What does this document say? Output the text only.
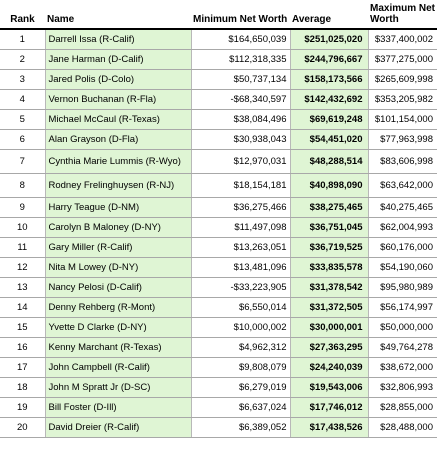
Rank	Name	Minimum Net Worth	Average	Maximum Net Worth
1	Darrell Issa (R-Calif)	$164,650,039	$251,025,020	$337,400,002
2	Jane Harman (D-Calif)	$112,318,335	$244,796,667	$377,275,000
3	Jared Polis (D-Colo)	$50,737,134	$158,173,566	$265,609,998
4	Vernon Buchanan (R-Fla)	-$68,340,597	$142,432,692	$353,205,982
5	Michael McCaul (R-Texas)	$38,084,496	$69,619,248	$101,154,000
6	Alan Grayson (D-Fla)	$30,938,043	$54,451,020	$77,963,998
7	Cynthia Marie Lummis (R-Wyo)	$12,970,031	$48,288,514	$83,606,998
8	Rodney Frelinghuysen (R-NJ)	$18,154,181	$40,898,090	$63,642,000
9	Harry Teague (D-NM)	$36,275,466	$38,275,465	$40,275,465
10	Carolyn B Maloney (D-NY)	$11,497,098	$36,751,045	$62,004,993
11	Gary Miller (R-Calif)	$13,263,051	$36,719,525	$60,176,000
12	Nita M Lowey (D-NY)	$13,481,096	$33,835,578	$54,190,060
13	Nancy Pelosi (D-Calif)	-$33,223,905	$31,378,542	$95,980,989
14	Denny Rehberg (R-Mont)	$6,550,014	$31,372,505	$56,174,997
15	Yvette D Clarke (D-NY)	$10,000,002	$30,000,001	$50,000,000
16	Kenny Marchant (R-Texas)	$4,962,312	$27,363,295	$49,764,278
17	John Campbell (R-Calif)	$9,808,079	$24,240,039	$38,672,000
18	John M Spratt Jr (D-SC)	$6,279,019	$19,543,006	$32,806,993
19	Bill Foster (D-Ill)	$6,637,024	$17,746,012	$28,855,000
20	David Dreier (R-Calif)	$6,389,052	$17,438,526	$28,488,000
